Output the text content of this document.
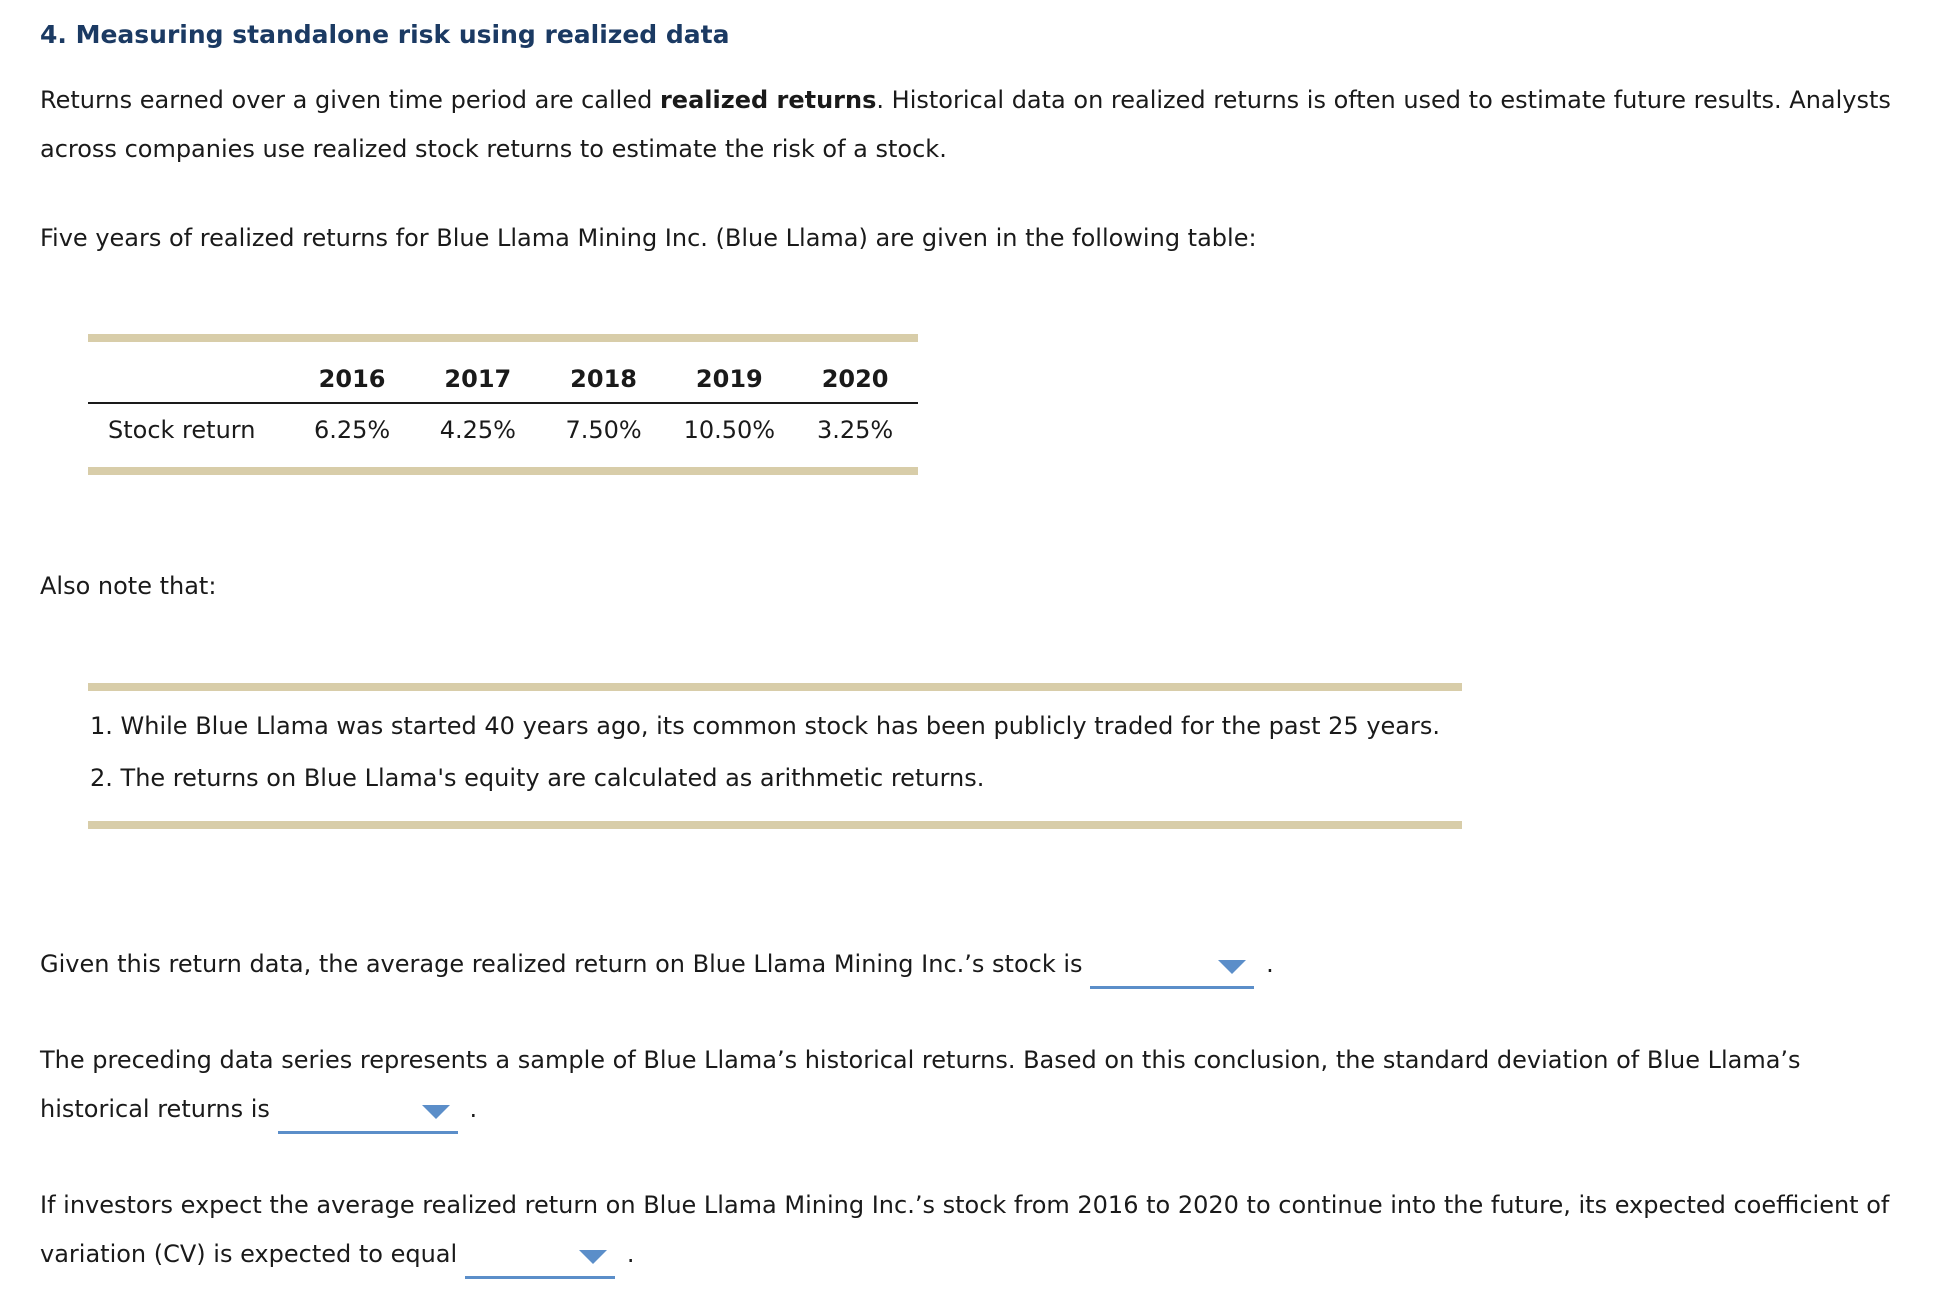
4. Measuring standalone risk using realized data

Returns earned over a given time period are called realized returns. Historical data on realized returns is often used to estimate future results. Analysts across companies use realized stock returns to estimate the risk of a stock.

Five years of realized returns for Blue Llama Mining Inc. (Blue Llama) are given in the following table:

	2016	2017	2018	2019	2020
Stock return	6.25%	4.25%	7.50%	10.50%	3.25%

Also note that:

1. While Blue Llama was started 40 years ago, its common stock has been publicly traded for the past 25 years.
2. The returns on Blue Llama's equity are calculated as arithmetic returns.

Given this return data, the average realized return on Blue Llama Mining Inc.’s stock is	.

The preceding data series represents a sample of Blue Llama’s historical returns. Based on this conclusion, the standard deviation of Blue Llama’s historical returns is	.

If investors expect the average realized return on Blue Llama Mining Inc.’s stock from 2016 to 2020 to continue into the future, its expected coefficient of variation (CV) is expected to equal	.
